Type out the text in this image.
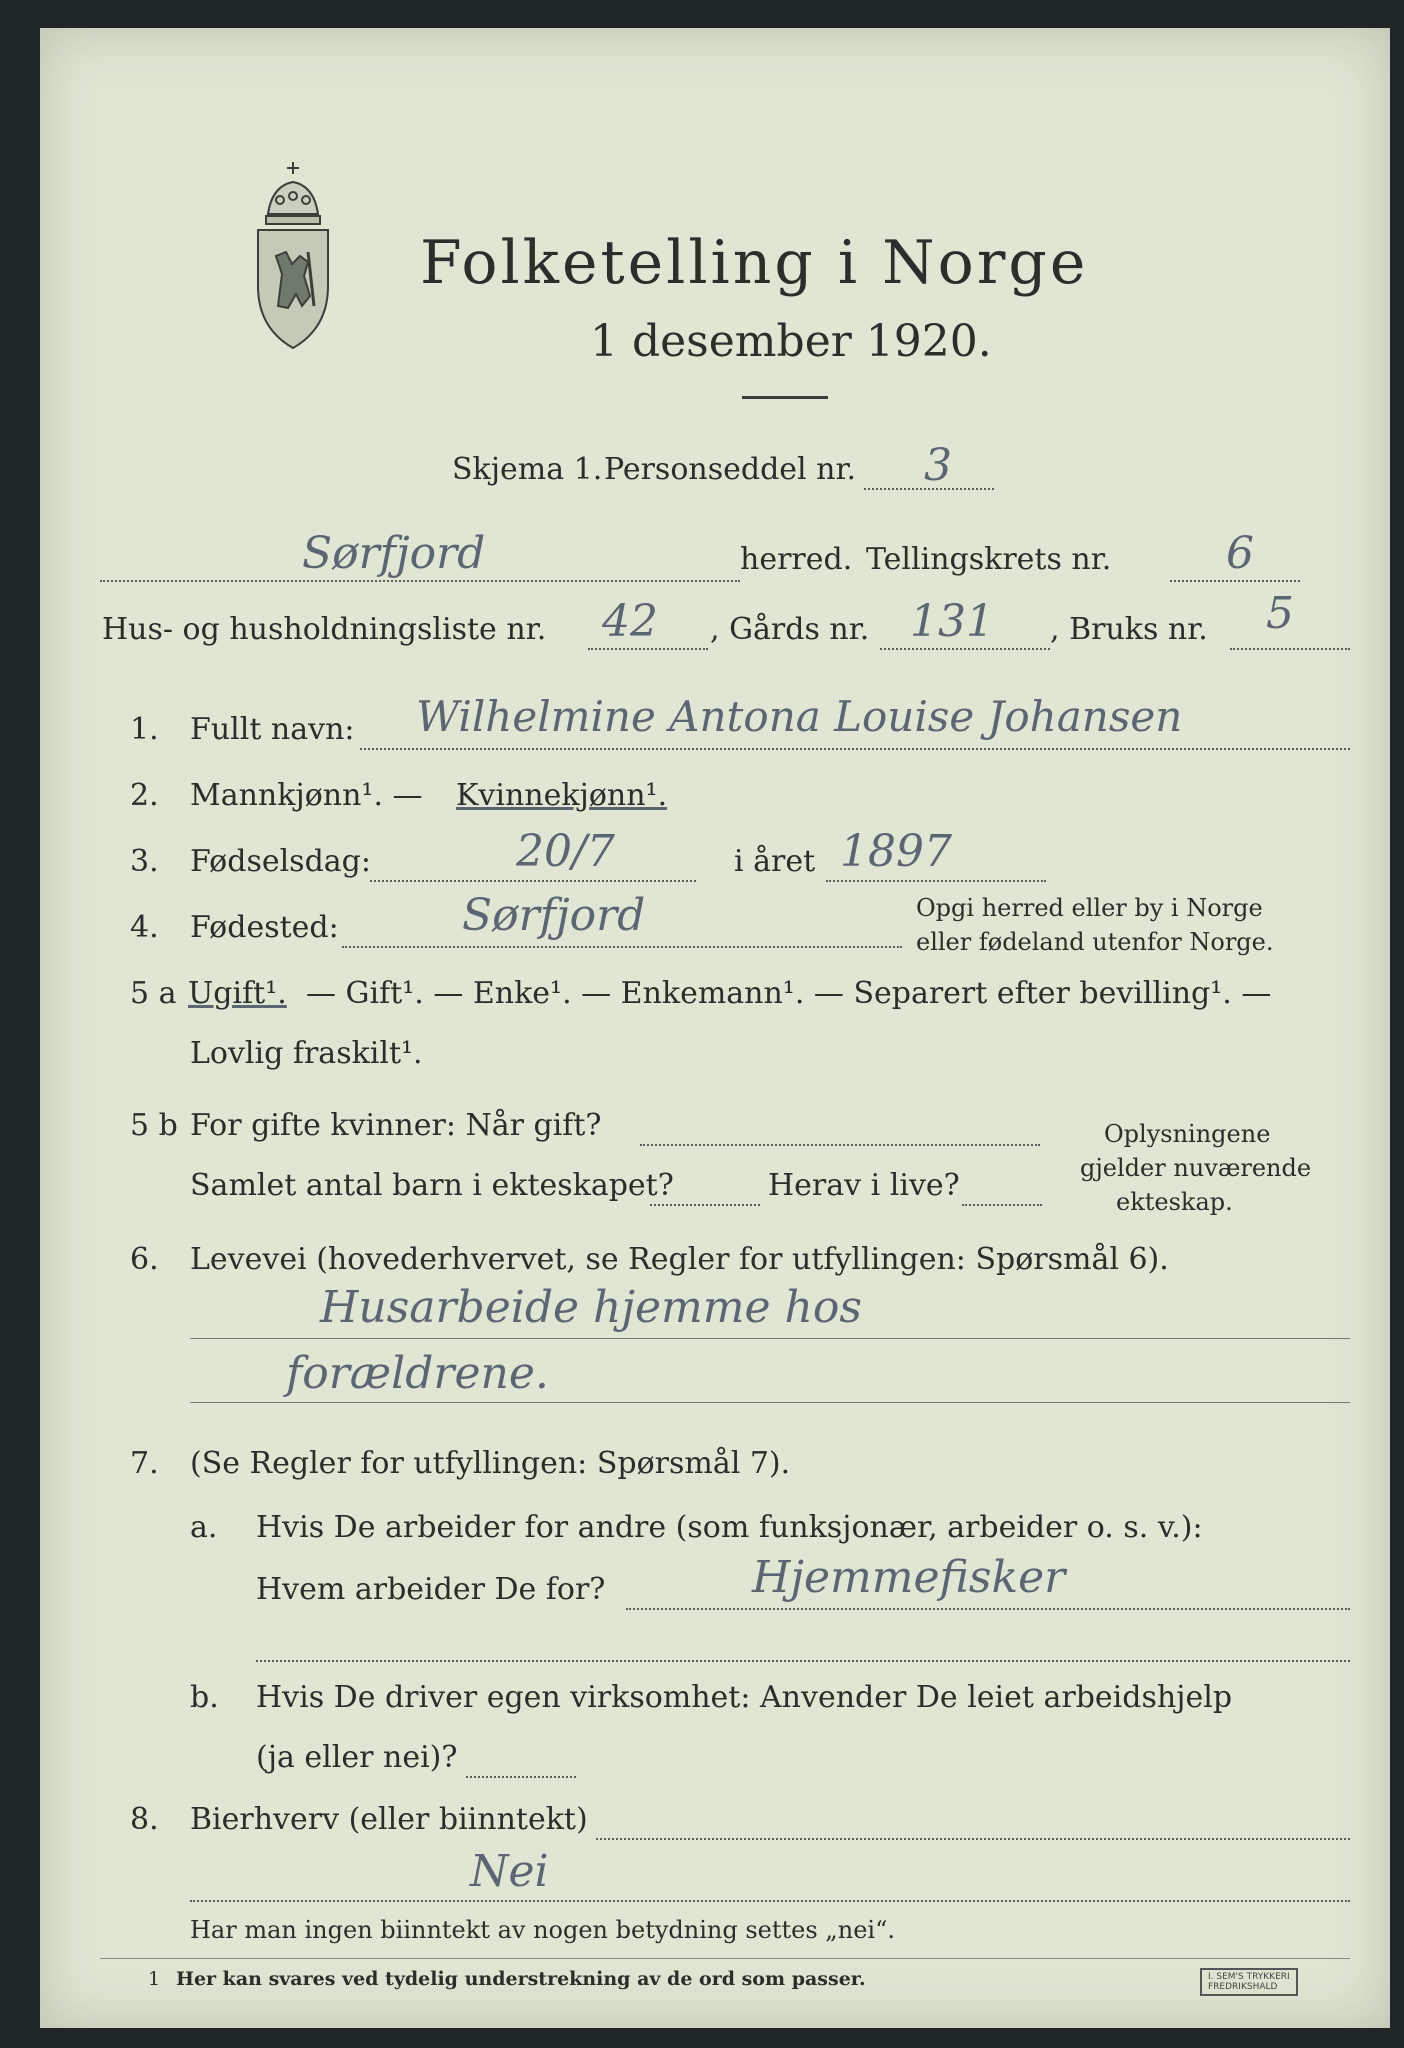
Folketelling i Norge
1 desember 1920.
Skjema 1. Personseddel nr. 3
Sørfjord	herred. Tellingskrets nr.	6
Hus- og husholdningsliste nr. 42 , Gårds nr. 131 , Bruks nr. 5
1. Fullt navn: Wilhelmine Antona Louise Johansen
2. Mannkjønn¹. — Kvinnekjønn¹.
3. Fødselsdag:	20/7	i året 1897
4. Fødested:	Sørfjord	Opgi herred eller by i Norge
eller fødeland utenfor Norge.
5 a Ugift¹. — Gift¹. — Enke¹. — Enkemann¹. — Separert efter bevilling¹. —
Lovlig fraskilt¹.
5 b For gifte kvinner: Når gift?
Samlet antal barn i ekteskapet?	Herav i live?
Oplysningene
gjelder nuværende
ekteskap.
6. Levevei (hovederhvervet, se Regler for utfyllingen: Spørsmål 6).
Husarbeide hjemme hos
forældrene.
7. (Se Regler for utfyllingen: Spørsmål 7).
a. Hvis De arbeider for andre (som funksjonær, arbeider o. s. v.):
Hvem arbeider De for?	Hjemmefisker
b. Hvis De driver egen virksomhet: Anvender De leiet arbeidshjelp
(ja eller nei)?
8. Bierhverv (eller biinntekt)
Nei
Har man ingen biinntekt av nogen betydning settes „nei“.
1 Her kan svares ved tydelig understrekning av de ord som passer.	I. SEM'S TRYKKERI
FREDRIKSHALD
